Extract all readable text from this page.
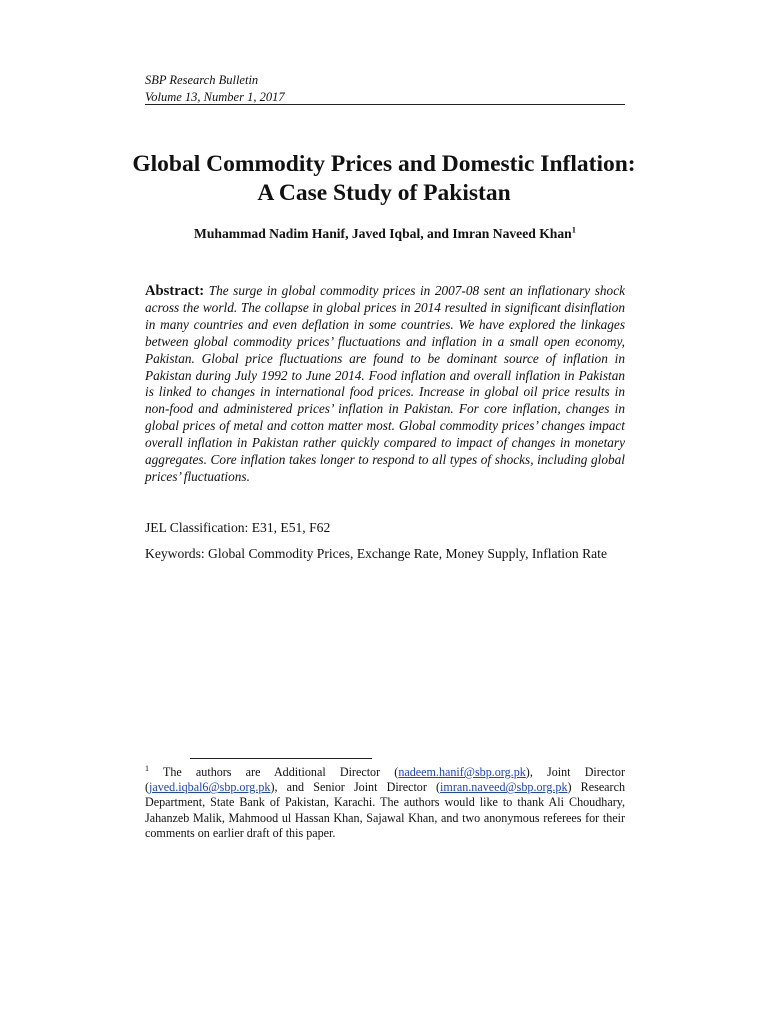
SBP Research Bulletin
Volume 13, Number 1, 2017
Global Commodity Prices and Domestic Inflation: A Case Study of Pakistan
Muhammad Nadim Hanif, Javed Iqbal, and Imran Naveed Khan$^1$
Abstract: The surge in global commodity prices in 2007-08 sent an inflationary shock across the world. The collapse in global prices in 2014 resulted in significant disinflation in many countries and even deflation in some countries. We have explored the linkages between global commodity prices’ fluctuations and inflation in a small open economy, Pakistan. Global price fluctuations are found to be dominant source of inflation in Pakistan during July 1992 to June 2014. Food inflation and overall inflation in Pakistan is linked to changes in international food prices. Increase in global oil price results in non-food and administered prices’ inflation in Pakistan. For core inflation, changes in global prices of metal and cotton matter most. Global commodity prices’ changes impact overall inflation in Pakistan rather quickly compared to impact of changes in monetary aggregates. Core inflation takes longer to respond to all types of shocks, including global prices’ fluctuations.
JEL Classification: E31, E51, F62
Keywords: Global Commodity Prices, Exchange Rate, Money Supply, Inflation Rate
$^1$ The authors are Additional Director (nadeem.hanif@sbp.org.pk), Joint Director (javed.iqbal6@sbp.org.pk), and Senior Joint Director (imran.naveed@sbp.org.pk) Research Department, State Bank of Pakistan, Karachi. The authors would like to thank Ali Choudhary, Jahanzeb Malik, Mahmood ul Hassan Khan, Sajawal Khan, and two anonymous referees for their comments on earlier draft of this paper.
